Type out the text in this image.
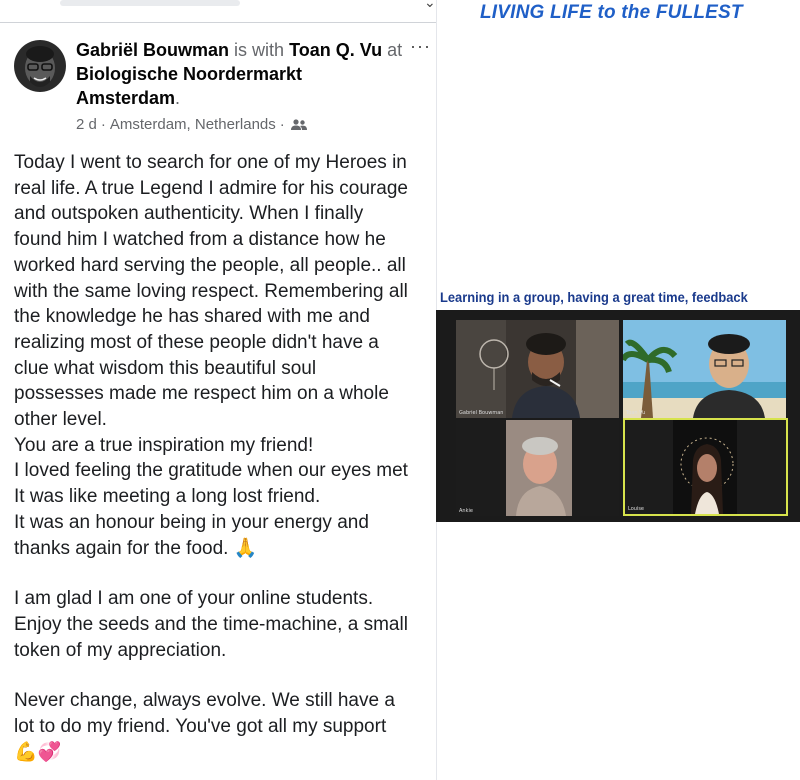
⌄
Gabriël Bouwman is with Toan Q. Vu at Biologische Noordermarkt Amsterdam.
···
2 d · Amsterdam, Netherlands ·

Today I went to search for one of my Heroes in

real life. A true Legend I admire for his courage

and outspoken authenticity. When I finally

found him I watched from a distance how he

worked hard serving the people, all people.. all

with the same loving respect. Remembering all

the knowledge he has shared with me and

realizing most of these people didn't have a

clue what wisdom this beautiful soul

possesses made me respect him on a whole

other level.

You are a true inspiration my friend!

I loved feeling the gratitude when our eyes met

It was like meeting a long lost friend.

It was an honour being in your energy and

thanks again for the food. 🙏

I am glad I am one of your online students.

Enjoy the seeds and the time-machine, a small

token of my appreciation.

Never change, always evolve. We still have a

lot to do my friend. You've got all my support

💪💞

LIVING LIFE to the FULLEST
Learning in a group, having a great time, feedback
Gabriel Bouwman	Toan Vu
Ankie	Louise
